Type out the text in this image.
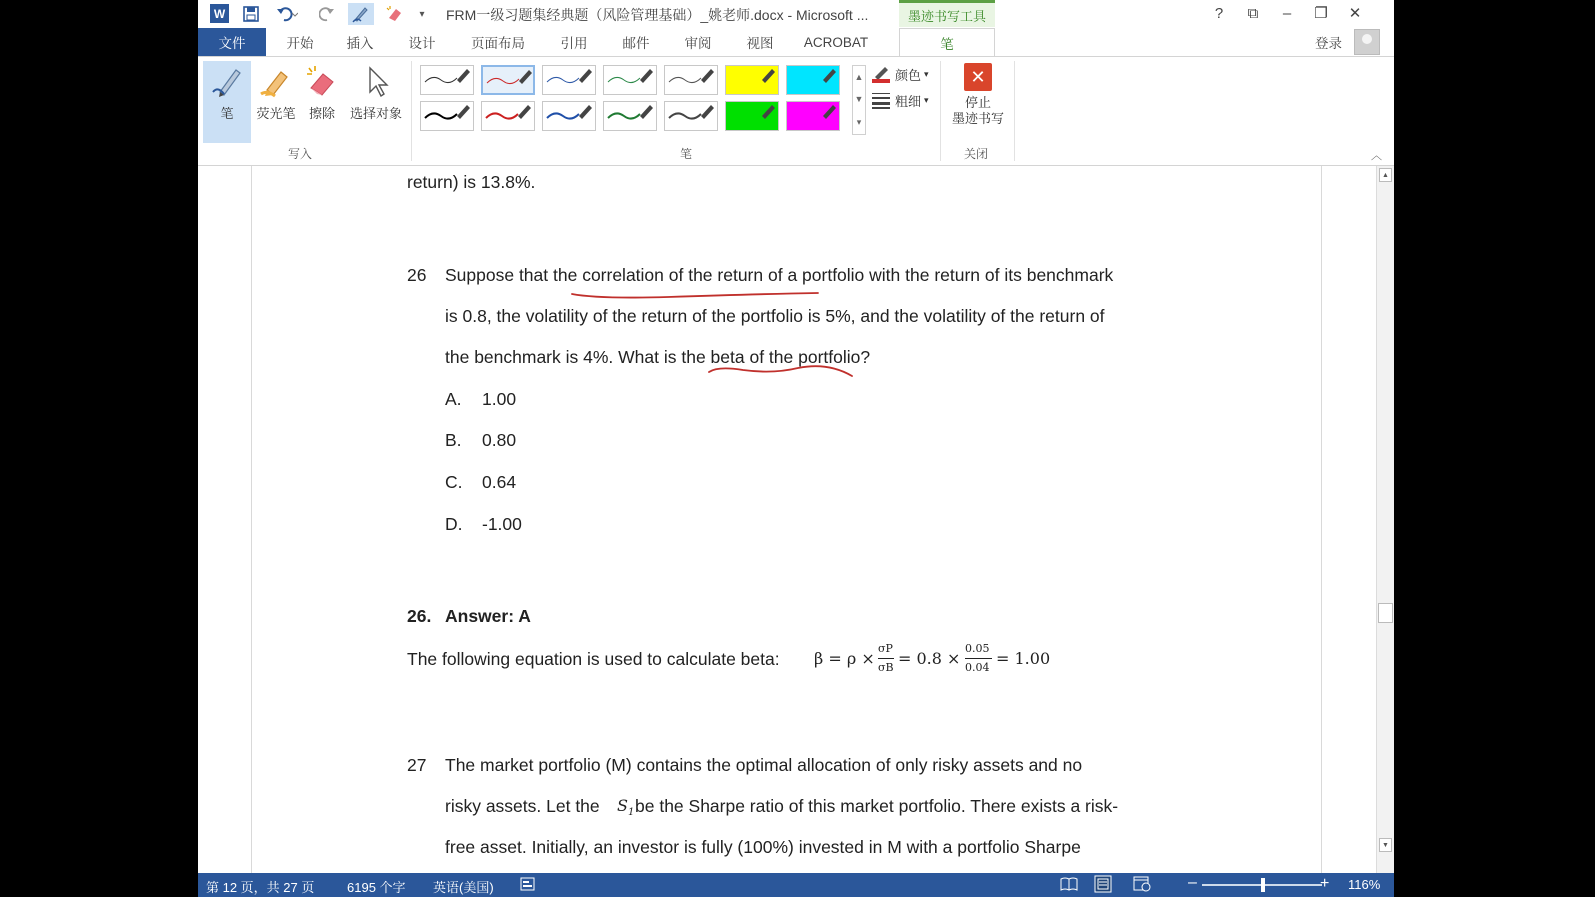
W	▾	FRM一级习题集经典题（风险管理基础）_姚老师.docx - Microsoft ...	墨迹书写工具	?	⧉	–	❐	✕
文件	开始	插入	设计	页面布局	引用	邮件	审阅	视图	ACROBAT	笔	登录
笔 荧光笔 擦除 选择对象
写入
▲
▼
▾
颜色 ▾
粗细 ▾
笔
✕
停止
墨迹书写
关闭	︿
return) is 13.8%.
26 Suppose that the correlation of the return of a portfolio with the return of its benchmark
is 0.8, the volatility of the return of the portfolio is 5%, and the volatility of the return of
the benchmark is 4%. What is the beta of the portfolio?
A. 1.00
B. 0.80
C. 0.64
D. -1.00
26. Answer: A
The following equation is used to calculate beta: β = ρ ×
σP
σB = 0.8 ×
0.05
0.04 = 1.00
27 The market portfolio (M) contains the optimal allocation of only risky assets and no
risky assets. Let the $S_1$ be the Sharpe ratio of this market portfolio. There exists a risk-
free asset. Initially, an investor is fully (100%) invested in M with a portfolio Sharpe
▲
▼
第 12 页，共 27 页	6195 个字 英语(美国)	–	+ 116%
